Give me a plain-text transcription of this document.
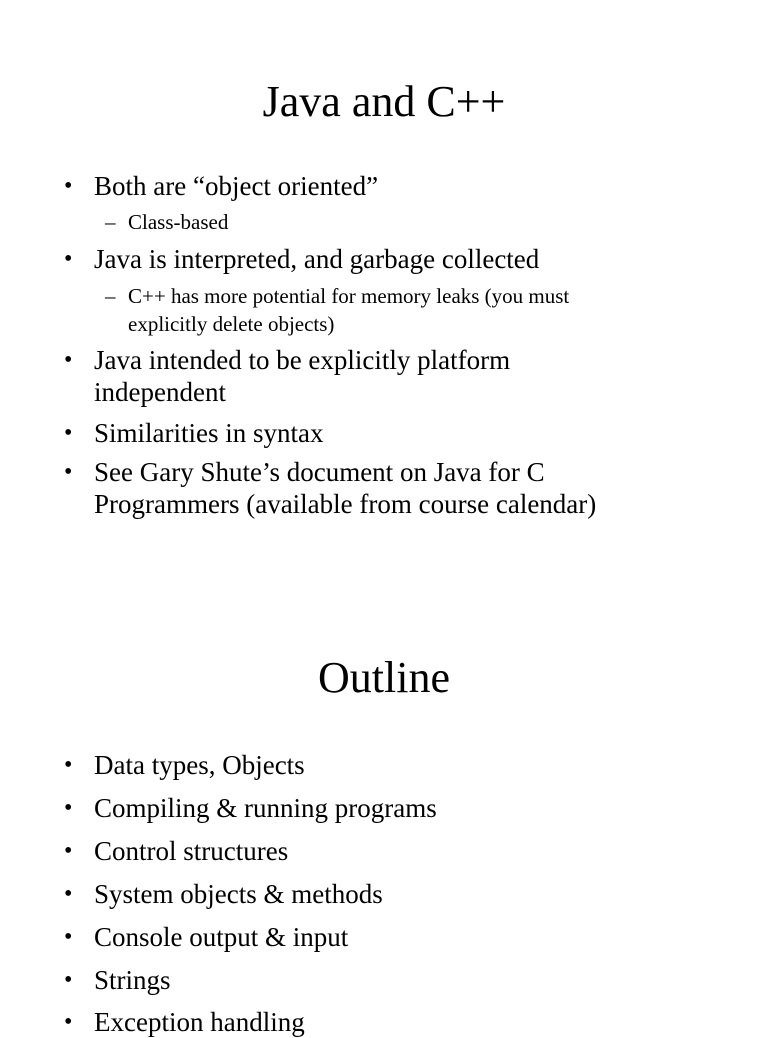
Java and C++
• Both are “object oriented”
– Class-based
• Java is interpreted, and garbage collected
– C++ has more potential for memory leaks (you must
explicitly delete objects)
• Java intended to be explicitly platform
independent
• Similarities in syntax
• See Gary Shute’s document on Java for C
Programmers (available from course calendar)
Outline
• Data types, Objects
• Compiling & running programs
• Control structures
• System objects & methods
• Console output & input
• Strings
• Exception handling
